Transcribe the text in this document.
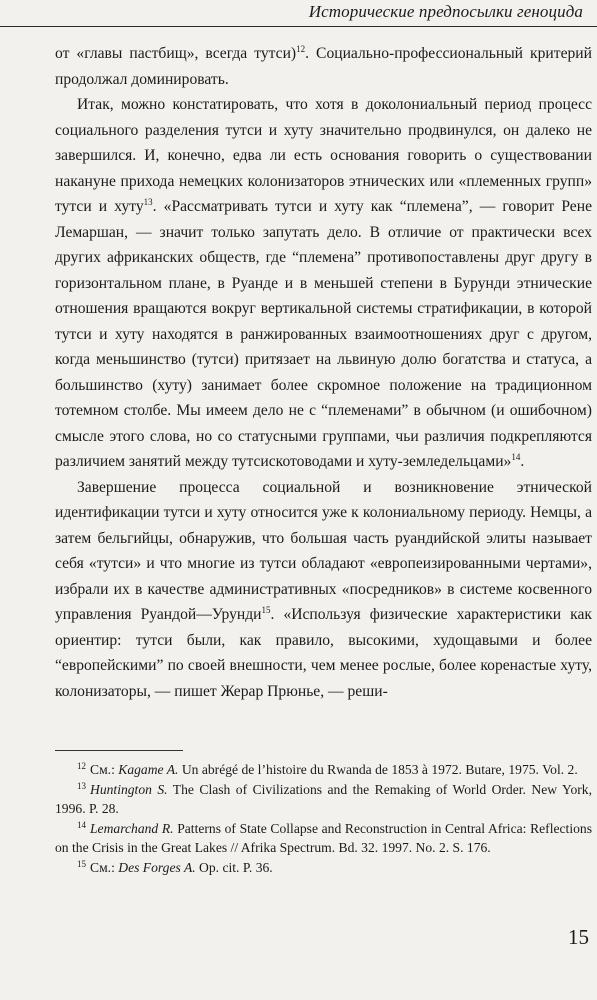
Исторические предпосылки геноцида

от «главы пастбищ», всегда тутси)$^{12}$. Социально-профессиональный критерий продолжал доминировать.

Итак, можно констатировать, что хотя в доколониальный период процесс социального разделения тутси и хуту значительно продвинулся, он далеко не завершился. И, конечно, едва ли есть основания говорить о существовании накануне прихода немецких колонизаторов этнических или «племенных групп» тутси и хуту$^{13}$. «Рассматривать тутси и хуту как “племена”, — говорит Рене Лемаршан, — значит только запутать дело. В отличие от практически всех других африканских обществ, где “племена” противопоставлены друг другу в горизонтальном плане, в Руанде и в меньшей степени в Бурунди этнические отношения вращаются вокруг вертикальной системы стратификации, в которой тутси и хуту находятся в ранжированных взаимоотношениях друг с другом, когда меньшинство (тутси) притязает на львиную долю богатства и статуса, а большинство (хуту) занимает более скромное положение на традиционном тотемном столбе. Мы имеем дело не с “племенами” в обычном (и ошибочном) смысле этого слова, но со статусными группами, чьи различия подкрепляются различием занятий между тутсискотоводами и хуту-земледельцами»$^{14}$.

Завершение процесса социальной и возникновение этнической идентификации тутси и хуту относится уже к колониальному периоду. Немцы, а затем бельгийцы, обнаружив, что большая часть руандийской элиты называет себя «тутси» и что многие из тутси обладают «европеизированными чертами», избрали их в качестве административных «посредников» в системе косвенного управления Руандой—Урунди$^{15}$. «Используя физические характеристики как ориентир: тутси были, как правило, высокими, худощавыми и более “европейскими” по своей внешности, чем менее рослые, более коренастые хуту, колонизаторы, — пишет Жерар Прюнье, — реши-

$^{12}$ См.: Kagame A. Un abrégé de l’histoire du Rwanda de 1853 à 1972. Butare, 1975. Vol. 2.

$^{13}$ Huntington S. The Clash of Civilizations and the Remaking of World Order. New York, 1996. P. 28.

$^{14}$ Lemarchand R. Patterns of State Collapse and Reconstruction in Central Africa: Reflections on the Crisis in the Great Lakes // Afrika Spectrum. Bd. 32. 1997. No. 2. S. 176.

$^{15}$ См.: Des Forges A. Op. cit. P. 36.

15
